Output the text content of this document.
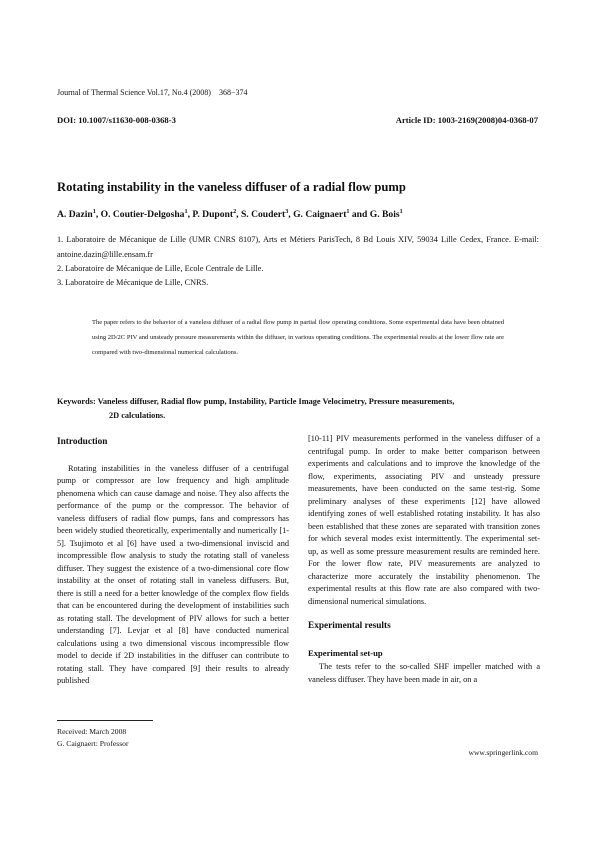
Journal of Thermal Science Vol.17, No.4 (2008) 368−374
DOI: 10.1007/s11630-008-0368-3	Article ID: 1003-2169(2008)04-0368-07
Rotating instability in the vaneless diffuser of a radial flow pump
A. Dazin$^1$, O. Coutier-Delgosha$^1$, P. Dupont$^2$, S. Coudert$^3$, G. Caignaert$^1$ and G. Bois$^1$
1. Laboratoire de Mécanique de Lille (UMR CNRS 8107), Arts et Métiers ParisTech, 8 Bd Louis XIV, 59034 Lille Cedex, France. E-mail: antoine.dazin@lille.ensam.fr
2. Laboratoire de Mécanique de Lille, Ecole Centrale de Lille.
3. Laboratoire de Mécanique de Lille, CNRS.
The paper refers to the behavior of a vaneless diffuser of a radial flow pump in partial flow operating conditions. Some experimental data have been obtained using 2D/2C PIV and unsteady pressure measurements within the diffuser, in various operating conditions. The experimental results at the lower flow rate are compared with two-dimensional numerical calculations.
Keywords: Vaneless diffuser, Radial flow pump, Instability, Particle Image Velocimetry, Pressure measurements,
2D calculations.
Introduction

Rotating instabilities in the vaneless diffuser of a centrifugal pump or compressor are low frequency and high amplitude phenomena which can cause damage and noise. They also affects the performance of the pump or the compressor. The behavior of vaneless diffusers of radial flow pumps, fans and compressors has been widely studied theoretically, experimentally and numerically [1-5]. Tsujimoto et al [6] have used a two-dimensional inviscid and incompressible flow analysis to study the rotating stall of vaneless diffuser. They suggest the existence of a two-dimensional core flow instability at the onset of rotating stall in vaneless diffusers. But, there is still a need for a better knowledge of the complex flow fields that can be encountered during the development of instabilities such as rotating stall. The development of PIV allows for such a better understanding [7]. Levjar et al [8] have conducted numerical calculations using a two dimensional viscous incompressible flow model to decide if 2D instabilities in the diffuser can contribute to rotating stall. They have compared [9] their results to already published

[10-11] PIV measurements performed in the vaneless diffuser of a centrifugal pump. In order to make better comparison between experiments and calculations and to improve the knowledge of the flow, experiments, associating PIV and unsteady pressure measurements, have been conducted on the same test-rig. Some preliminary analyses of these experiments [12] have allowed identifying zones of well established rotating instability. It has also been established that these zones are separated with transition zones for which several modes exist intermittently. The experimental set-up, as well as some pressure measurement results are reminded here. For the lower flow rate, PIV measurements are analyzed to characterize more accurately the instability phenomenon. The experimental results at this flow rate are also compared with two-dimensional numerical simulations.

Experimental results
Experimental set-up

The tests refer to the so-called SHF impeller matched with a vaneless diffuser. They have been made in air, on a

Received: March 2008
G. Caignaert: Professor
www.springerlink.com
